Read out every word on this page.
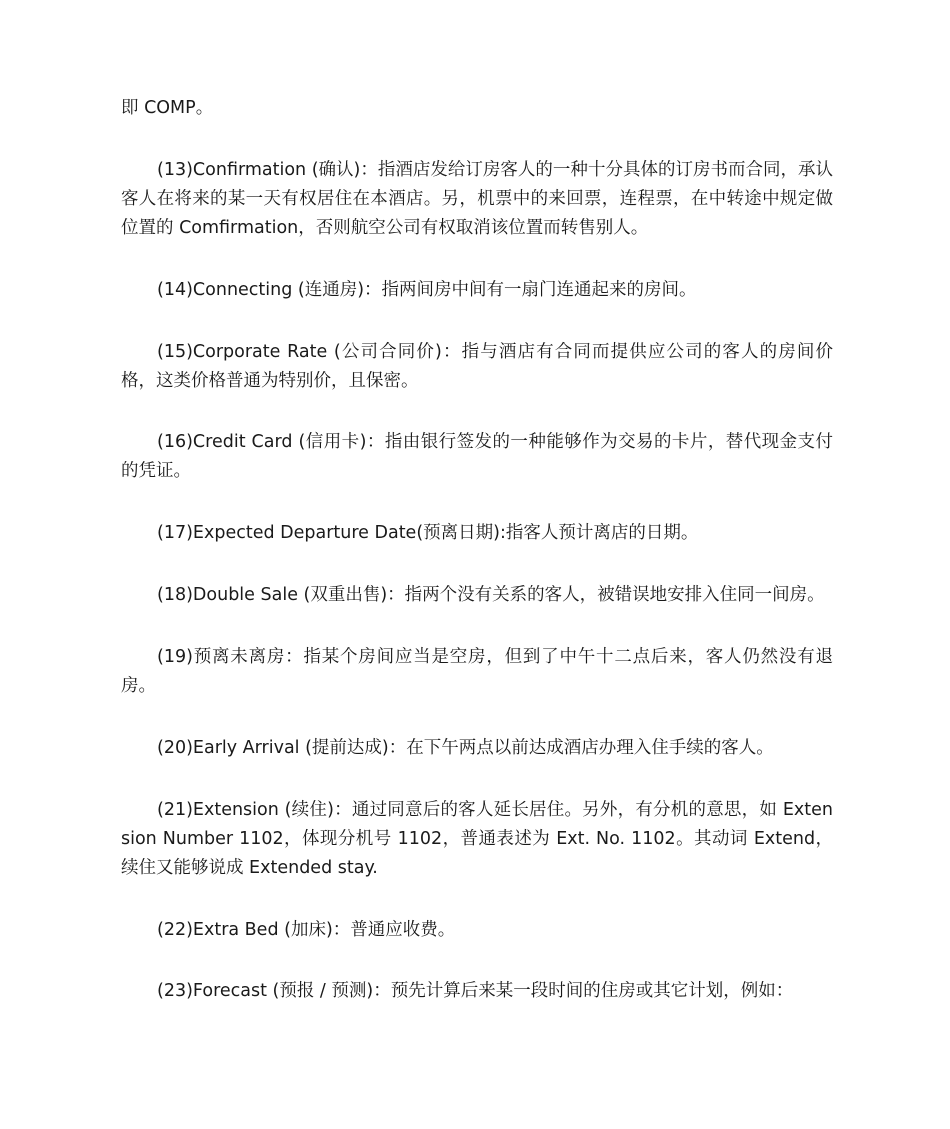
即 COMP。

(13)Confirmation (确认)：指酒店发给订房客人的一种十分具体的订房书而合同，承认客人在将来的某一天有权居住在本酒店。另，机票中的来回票，连程票，在中转途中规定做位置的 Comfirmation，否则航空公司有权取消该位置而转售别人。

(14)Connecting (连通房)：指两间房中间有一扇门连通起来的房间。

(15)Corporate Rate (公司合同价)：指与酒店有合同而提供应公司的客人的房间价格，这类价格普通为特别价，且保密。

(16)Credit Card (信用卡)：指由银行签发的一种能够作为交易的卡片，替代现金支付的凭证。

(17)Expected Departure Date(预离日期):指客人预计离店的日期。

(18)Double Sale (双重出售)：指两个没有关系的客人，被错误地安排入住同一间房。

(19)预离未离房：指某个房间应当是空房，但到了中午十二点后来，客人仍然没有退房。

(20)Early Arrival (提前达成)：在下午两点以前达成酒店办理入住手续的客人。

(21)Extension (续住)：通过同意后的客人延长居住。另外，有分机的意思，如 Extension Number 1102，体现分机号 1102，普通表述为 Ext. No. 1102。其动词 Extend，续住又能够说成 Extended stay.

(22)Extra Bed (加床)：普通应收费。

(23)Forecast (预报 / 预测)：预先计算后来某一段时间的住房或其它计划，例如：
